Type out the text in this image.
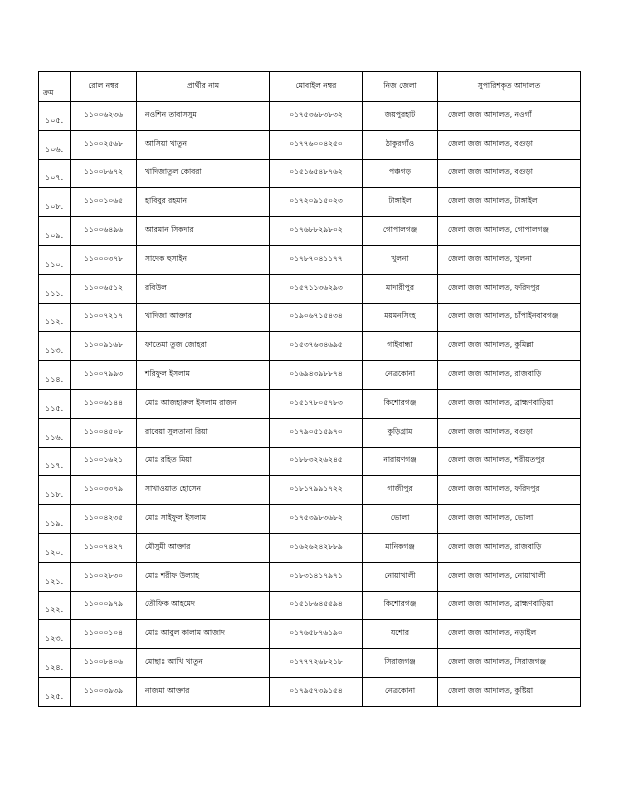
ক্রম	রোল নম্বর	প্রার্থীর নাম	মোবাইল নম্বর	নিজ জেলা	সুপারিশকৃত আদালত
১০৫.	১১০০৬২৩৬	নওশিন তাবাসসুম	০১৭৫৩৬৮৩৮৩২	জয়পুরহাট	জেলা জজ আদালত, নওগাঁ
১০৬.	১১০০২৫৬৮	আসিয়া খাতুন	০১৭৭৬০০৪২৫০	ঠাকুরগাঁও	জেলা জজ আদালত, বগুড়া
১০৭.	১১০০৮৬৭২	খাদিজাতুল কোবরা	০১৫১৬৫৪৮৭৬২	পঞ্চগড়	জেলা জজ আদালত, বগুড়া
১০৮.	১১০০১০৬৫	হাবিবুর রহমান	০১৭২০৯১৫০২৩	টাঙ্গাইল	জেলা জজ আদালত, টাঙ্গাইল
১০৯.	১১০০৬৪৯৬	আরমান সিকদার	০১৭৬৮৮২৯৮০২	গোপালগঞ্জ	জেলা জজ আদালত, গোপালগঞ্জ
১১০.	১১০০০৩৭৮	সাদেক হুসাইন	০১৭৮৭০৪১১৭৭	খুলনা	জেলা জজ আদালত, খুলনা
১১১.	১১০০৬৫১২	রবিউল	০১৫৭১১৩৬২৯৩	মাদারীপুর	জেলা জজ আদালত, ফরিদপুর
১১২.	১১০০৭২১৭	খাদিজা আক্তার	০১৯০৬৭১৫৪৩৪	ময়মনসিংহ	জেলা জজ আদালত, চাঁপাইনবাবগঞ্জ
১১৩.	১১০০৯১৬৮	ফাতেমা তুজ জোহরা	০১৫৩৭৬৩৪৬৯৫	গাইবান্ধা	জেলা জজ আদালত, কুমিল্লা
১১৪.	১১০০৭৯৯৩	শরিফুল ইসলাম	০১৬৯৪৩৯৮৮৭৪	নেত্রকোনা	জেলা জজ আদালত, রাজবাড়ি
১১৫.	১১০০৬১৪৪	মোঃ আজহারুল ইসলাম রাজন	০১৫১৭৮০৫৭৮৩	কিশোরগঞ্জ	জেলা জজ আদালত, ব্রাহ্মণবাড়িয়া
১১৬.	১১০০৪৫০৮	রাবেয়া সুলতানা রিয়া	০১৭৯০৫১৫৯৭০	কুড়িগ্রাম	জেলা জজ আদালত, বগুড়া
১১৭.	১১০০১৬২১	মোঃ রহিত মিয়া	০১৮৮৩২২৬২৪৫	নারায়ণগঞ্জ	জেলা জজ আদালত, শরীয়তপুর
১১৮.	১১০০৩৩৭৯	সাখাওয়াত হোসেন	০১৮১৭৯৯১৭২২	গাজীপুর	জেলা জজ আদালত, ফরিদপুর
১১৯.	১১০০৪২৩৫	মোঃ সাইফুল ইসলাম	০১৭৫৩৯৮৩৬৮২	ভোলা	জেলা জজ আদালত, ভোলা
১২০.	১১০০৭৪২৭	মৌসুমী আক্তার	০১৬২৬২৪২৮৮৯	মানিকগঞ্জ	জেলা জজ আদালত, রাজবাড়ি
১২১.	১১০০২৮৩০	মোঃ শরীফ উল্যাহ	০১৮৩১৪১৭৯৭১	নোয়াখালী	জেলা জজ আদালত, নোয়াখালী
১২২.	১১০০০৯৭৯	তৌফিক আহমেদ	০১৫১৮৬৪৫৫৯৪	কিশোরগঞ্জ	জেলা জজ আদালত, ব্রাহ্মণবাড়িয়া
১২৩.	১১০০০১০৪	মোঃ আবুল কালাম আজাদ	০১৭৬৫৮৭৬১৯০	যশোর	জেলা জজ আদালত, নড়াইল
১২৪.	১১০০৮৪০৬	মোছাঃ আখি খাতুন	০১৭৭৭২৬৮২১৮	সিরাজগঞ্জ	জেলা জজ আদালত, সিরাজগঞ্জ
১২৫.	১১০০৩৯৩৯	নাজমা আক্তার	০১৭৯৫৭৩৯১৫৪	নেত্রকোনা	জেলা জজ আদালত, কুষ্টিয়া
